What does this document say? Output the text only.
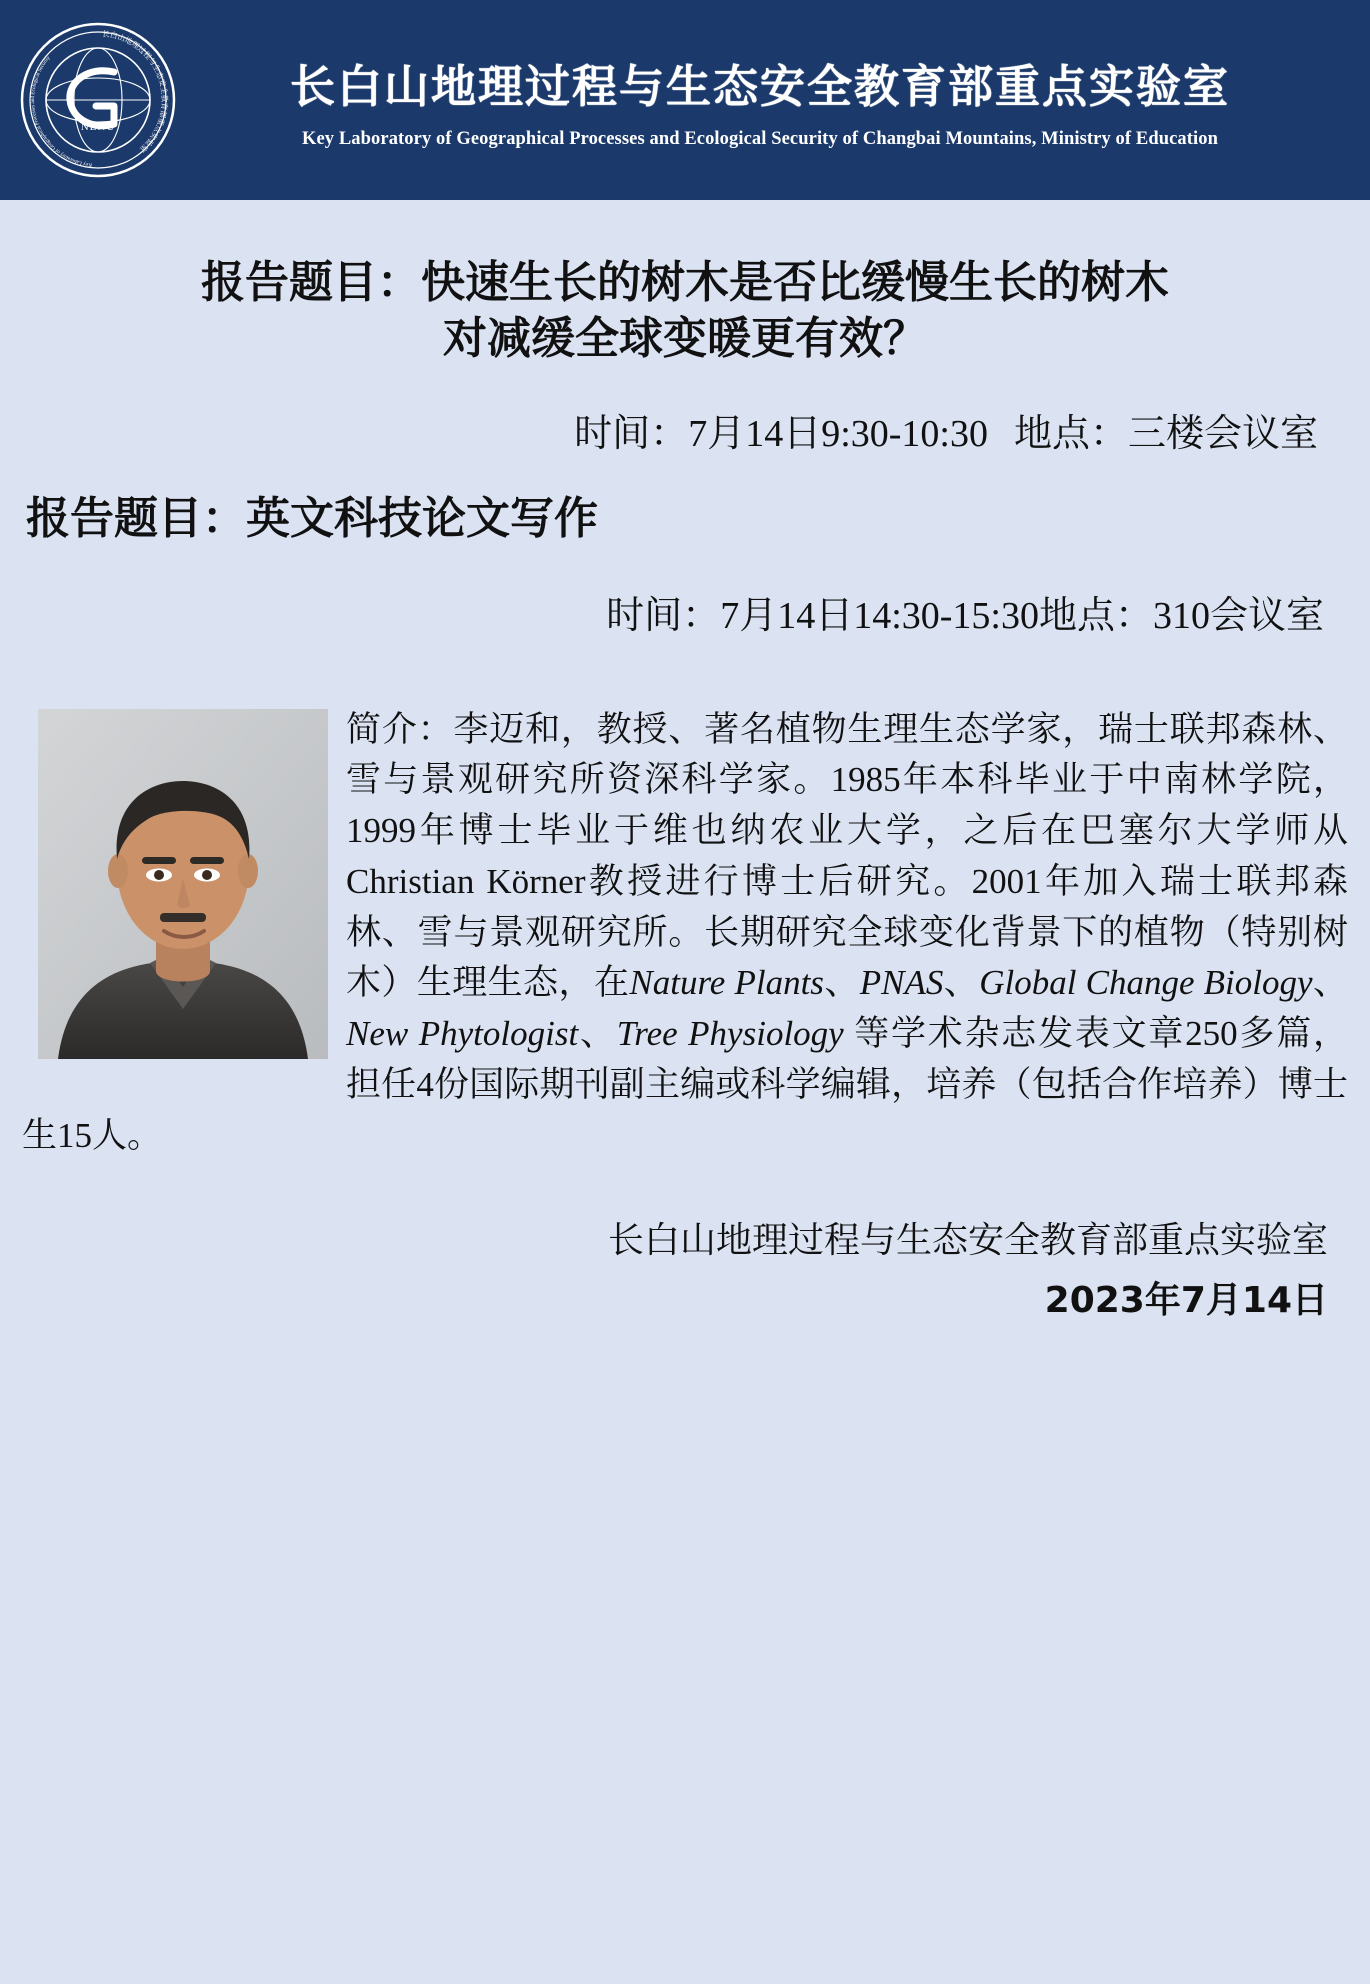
NENU
长白山地理过程与生态安全教育部重点实验室
Key Laboratory of Geographical Processes and Ecological Security
长白山地理过程与生态安全教育部重点实验室
Key Laboratory of Geographical Processes and Ecological Security of Changbai Mountains, Ministry of Education
报告题目：快速生长的树木是否比缓慢生长的树木
对减缓全球变暖更有效？
时间：7月14日9:30-10:30 地点：三楼会议室
报告题目：英文科技论文写作
时间：7月14日14:30-15:30地点：310会议室

简介：李迈和，教授、著名植物生理生态学家，瑞士联邦森林、雪与景观研究所资深科学家。1985年本科毕业于中南林学院，1999年博士毕业于维也纳农业大学，之后在巴塞尔大学师从Christian Körner教授进行博士后研究。2001年加入瑞士联邦森林、雪与景观研究所。长期研究全球变化背景下的植物（特别树木）生理生态，在Nature Plants、PNAS、Global Change Biology、New Phytologist、Tree Physiology 等学术杂志发表文章250多篇，担任4份国际期刊副主编或科学编辑，培养（包括合作培养）博士生15人。

长白山地理过程与生态安全教育部重点实验室
2023年7月14日
